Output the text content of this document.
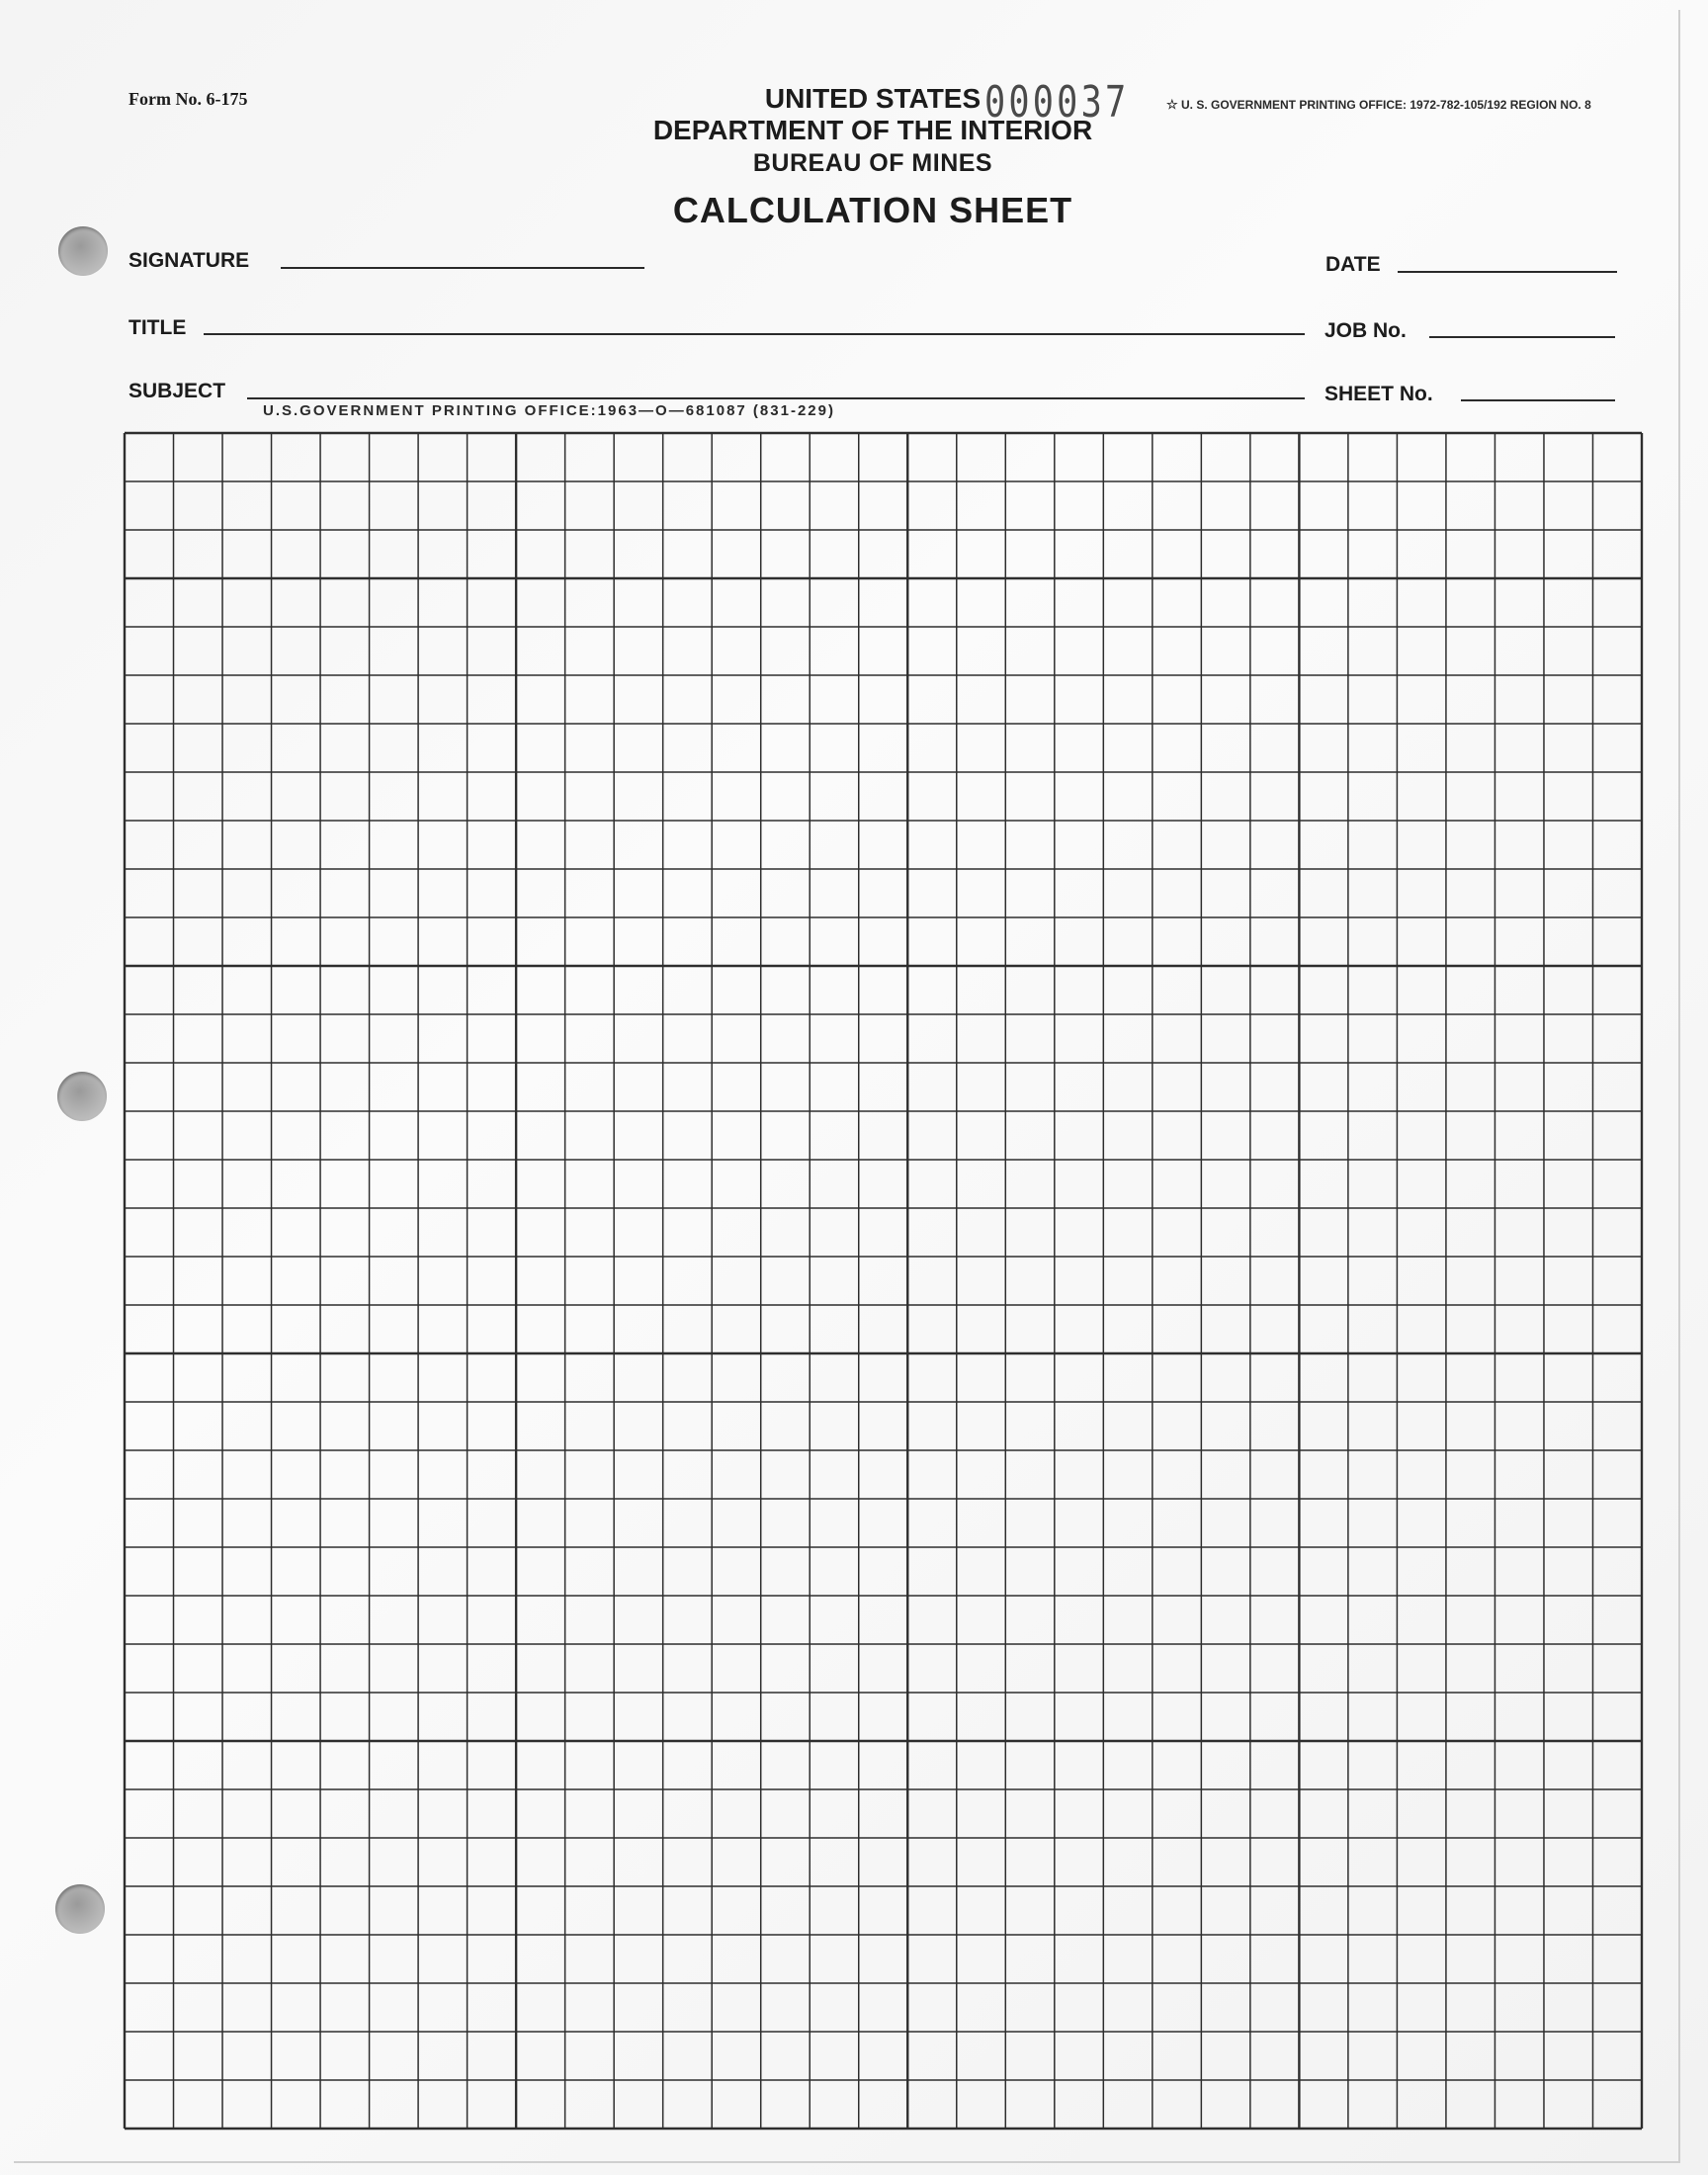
Form No. 6-175	UNITED STATES
DEPARTMENT OF THE INTERIOR
BUREAU OF MINES
CALCULATION SHEET
000037	☆ U. S. GOVERNMENT PRINTING OFFICE: 1972-782-105/192 REGION NO. 8
SIGNATURE	DATE
TITLE	JOB No.
SUBJECT	SHEET No.
U.S.GOVERNMENT PRINTING OFFICE:1963—O—681087 (831-229)
